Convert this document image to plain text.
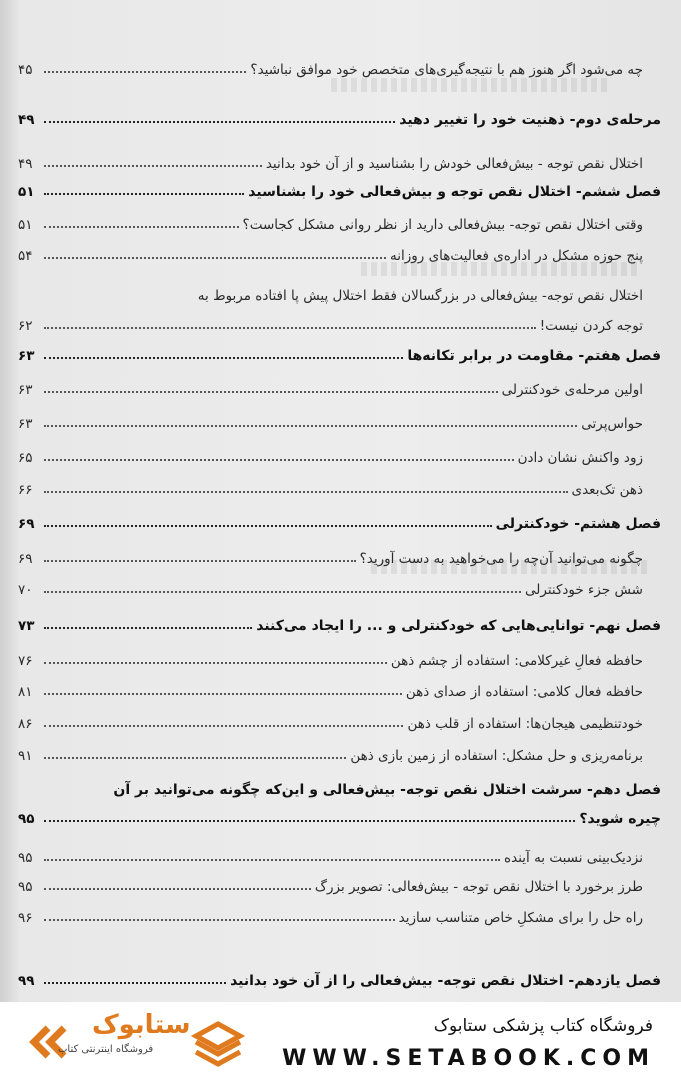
چه می‌شود اگر هنوز هم با نتیجه‌گیری‌های متخصص خود موافق نباشید؟
۴۵
مرحله‌ی دوم- ذهنیت خود را تغییر دهید
۴۹
اختلال نقص توجه - بیش‌فعالی خودش را بشناسید و از آن خود بدانید
۴۹
فصل ششم- اختلال نقص توجه و بیش‌فعالی خود را بشناسید
۵۱
وقتی اختلال نقص توجه- بیش‌فعالی دارید از نظر روانی مشکل کجاست؟
۵۱
پنج حوزه مشکل در اداره‌ی فعالیت‌های روزانه
۵۴
اختلال نقص توجه- بیش‌فعالی در بزرگسالان فقط اختلال پیش پا افتاده مربوط به
توجه کردن نیست!
۶۲
فصل هفتم- مقاومت در برابر تکانه‌ها
۶۳
اولین مرحله‌ی خودکنترلی
۶۳
حواس‌پرتی
۶۳
زود واکنش نشان دادن
۶۵
ذهن تک‌بعدی
۶۶
فصل هشتم- خودکنترلی
۶۹
چگونه می‌توانید آن‌چه را می‌خواهید به دست آورید؟
۶۹
شش جزء خودکنترلی
۷۰
فصل نهم- توانایی‌هایی که خودکنترلی و ... را ایجاد می‌کنند
۷۳
حافظه فعالِ غیرکلامی: استفاده از چشم ذهن
۷۶
حافظه فعال کلامی: استفاده از صدای ذهن
۸۱
خودتنظیمی هیجان‌ها: استفاده از قلب ذهن
۸۶
برنامه‌ریزی و حل مشکل: استفاده از زمین بازی ذهن
۹۱
فصل دهم- سرشت اختلال نقص توجه- بیش‌فعالی و این‌که چگونه می‌توانید بر آن
چیره شوید؟
۹۵
نزدیک‌بینی نسبت به آینده
۹۵
طرز برخورد با اختلال نقص توجه - بیش‌فعالی: تصویر بزرگ
۹۵
راه حل را برای مشکلِ خاص متناسب سازید
۹۶
فصل یازدهم- اختلال نقص توجه- بیش‌فعالی را از آن خود بدانید
۹۹
ستابوک
فروشگاه اینترنتی کتاب
فروشگاه کتاب پزشکی ستابوک
WWW.SETABOOK.COM
